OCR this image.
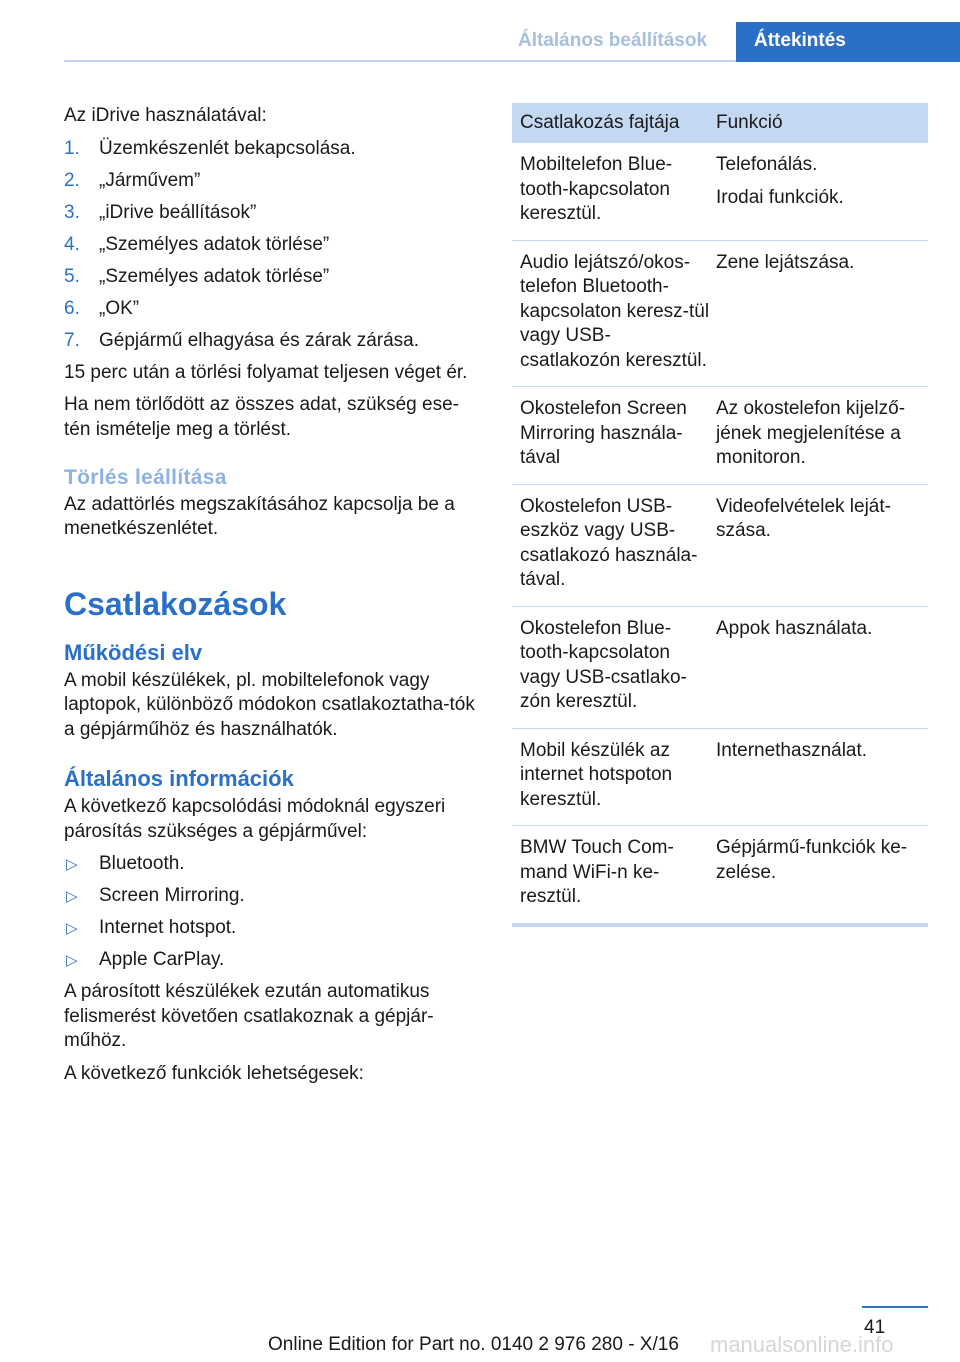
Általános beállítások	Áttekintés

Az iDrive használatával:

1. Üzemkészenlét bekapcsolása.
2. „Járművem”
3. „iDrive beállítások”
4. „Személyes adatok törlése”
5. „Személyes adatok törlése”
6. „OK”
7. Gépjármű elhagyása és zárak zárása.

15 perc után a törlési folyamat teljesen véget ér.

Ha nem törlődött az összes adat, szükség ese-tén ismételje meg a törlést.

Törlés leállítása

Az adattörlés megszakításához kapcsolja be a menetkészenlétet.

Csatlakozások
Működési elv

A mobil készülékek, pl. mobiltelefonok vagy laptopok, különböző módokon csatlakoztatha-tók a gépjárműhöz és használhatók.

Általános információk

A következő kapcsolódási módoknál egyszeri párosítás szükséges a gépjárművel:

▷ Bluetooth.
▷ Screen Mirroring.
▷ Internet hotspot.
▷ Apple CarPlay.

A párosított készülékek ezután automatikus felismerést követően csatlakoznak a gépjár-műhöz.

A következő funkciók lehetségesek:

Csatlakozás fajtája	Funkció

Mobiltelefon Blue-tooth-kapcsolaton keresztül.

Telefonálás.

Irodai funkciók.

Audio lejátszó/okos-telefon Bluetooth-kapcsolaton keresz-tül vagy USB-csatlakozón keresztül.

Zene lejátszása.

Okostelefon Screen Mirroring használa-tával

Az okostelefon kijelző-jének megjelenítése a monitoron.

Okostelefon USB-eszköz vagy USB-csatlakozó használa-tával.

Videofelvételek leját-szása.

Okostelefon Blue-tooth-kapcsolaton vagy USB-csatlako-zón keresztül.

Appok használata.

Mobil készülék az internet hotspoton keresztül.

Internethasználat.

BMW Touch Com-mand WiFi-n ke-resztül.

Gépjármű-funkciók ke-zelése.

41
manualsonline.info
Online Edition for Part no. 0140 2 976 280 - X/16
